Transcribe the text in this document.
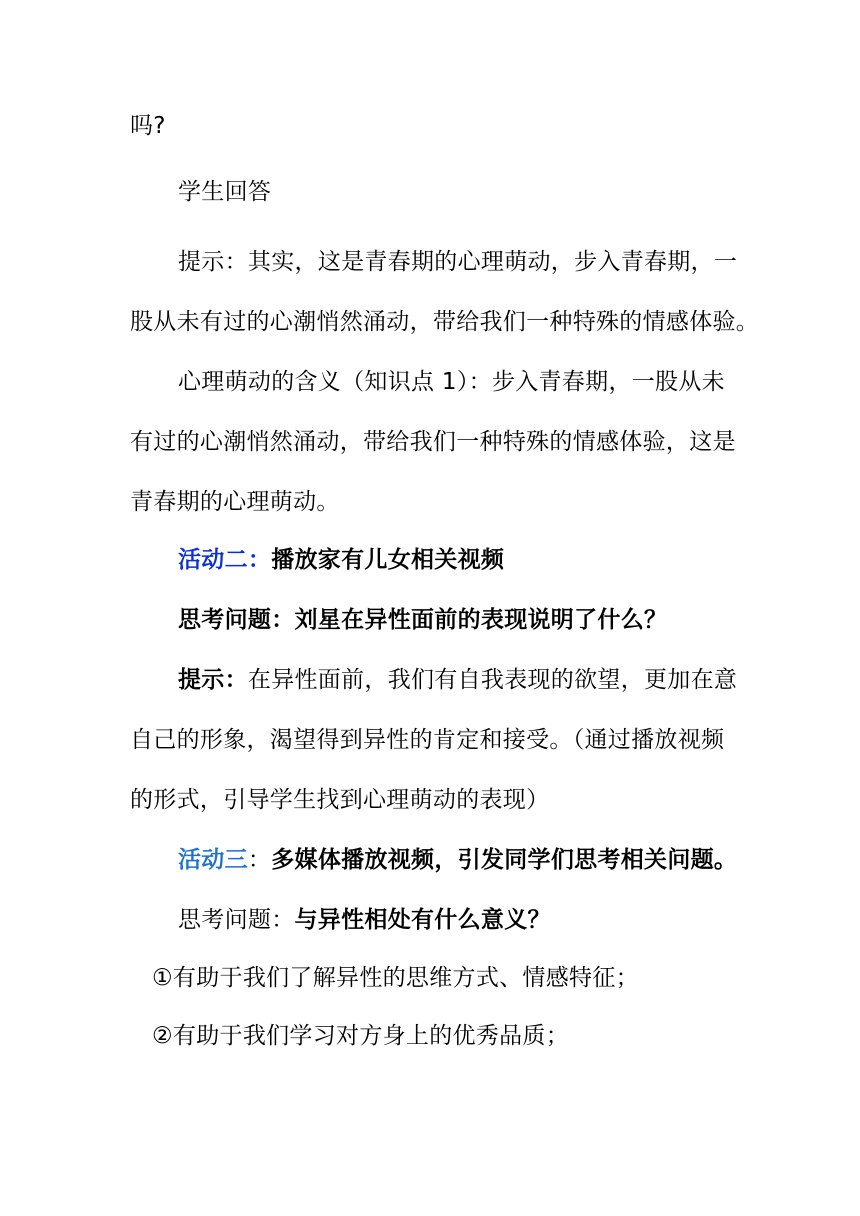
吗?
学生回答
提示：其实，这是青春期的心理萌动，步入青春期，一
股从未有过的心潮悄然涌动，带给我们一种特殊的情感体验。
心理萌动的含义（知识点 1）：步入青春期，一股从未
有过的心潮悄然涌动，带给我们一种特殊的情感体验，这是
青春期的心理萌动。
活动二：播放家有儿女相关视频
思考问题：刘星在异性面前的表现说明了什么？
提示：在异性面前，我们有自我表现的欲望，更加在意
自己的形象，渴望得到异性的肯定和接受。（通过播放视频
的形式，引导学生找到心理萌动的表现）
活动三：多媒体播放视频，引发同学们思考相关问题。
思考问题：与异性相处有什么意义？
①有助于我们了解异性的思维方式、情感特征；
②有助于我们学习对方身上的优秀品质；
